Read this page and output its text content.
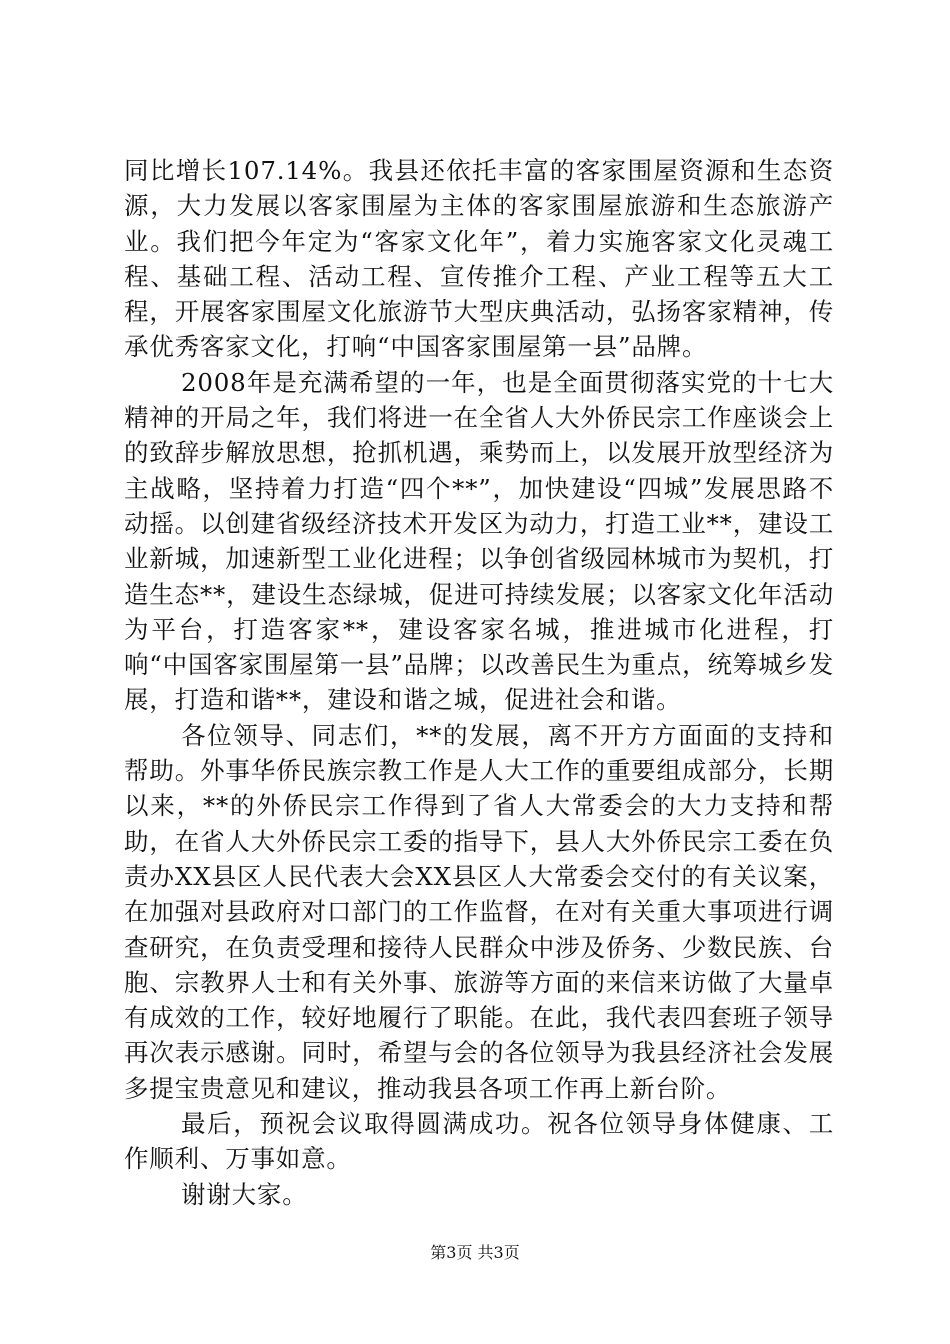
同比增长107.14%。我县还依托丰富的客家围屋资源和生态资源，大力发展以客家围屋为主体的客家围屋旅游和生态旅游产业。我们把今年定为“客家文化年”，着力实施客家文化灵魂工程、基础工程、活动工程、宣传推介工程、产业工程等五大工程，开展客家围屋文化旅游节大型庆典活动，弘扬客家精神，传承优秀客家文化，打响“中国客家围屋第一县”品牌。

2008年是充满希望的一年，也是全面贯彻落实党的十七大精神的开局之年，我们将进一在全省人大外侨民宗工作座谈会上的致辞步解放思想，抢抓机遇，乘势而上，以发展开放型经济为主战略，坚持着力打造“四个**”，加快建设“四城”发展思路不动摇。以创建省级经济技术开发区为动力，打造工业**，建设工业新城，加速新型工业化进程；以争创省级园林城市为契机，打造生态**，建设生态绿城，促进可持续发展；以客家文化年活动为平台，打造客家**，建设客家名城，推进城市化进程，打响“中国客家围屋第一县”品牌；以改善民生为重点，统筹城乡发展，打造和谐**，建设和谐之城，促进社会和谐。

各位领导、同志们，**的发展，离不开方方面面的支持和帮助。外事华侨民族宗教工作是人大工作的重要组成部分，长期以来，**的外侨民宗工作得到了省人大常委会的大力支持和帮助，在省人大外侨民宗工委的指导下，县人大外侨民宗工委在负责办XX县区人民代表大会XX县区人大常委会交付的有关议案，在加强对县政府对口部门的工作监督，在对有关重大事项进行调查研究，在负责受理和接待人民群众中涉及侨务、少数民族、台胞、宗教界人士和有关外事、旅游等方面的来信来访做了大量卓有成效的工作，较好地履行了职能。在此，我代表四套班子领导再次表示感谢。同时，希望与会的各位领导为我县经济社会发展多提宝贵意见和建议，推动我县各项工作再上新台阶。

最后，预祝会议取得圆满成功。祝各位领导身体健康、工作顺利、万事如意。

谢谢大家。

第3页 共3页
